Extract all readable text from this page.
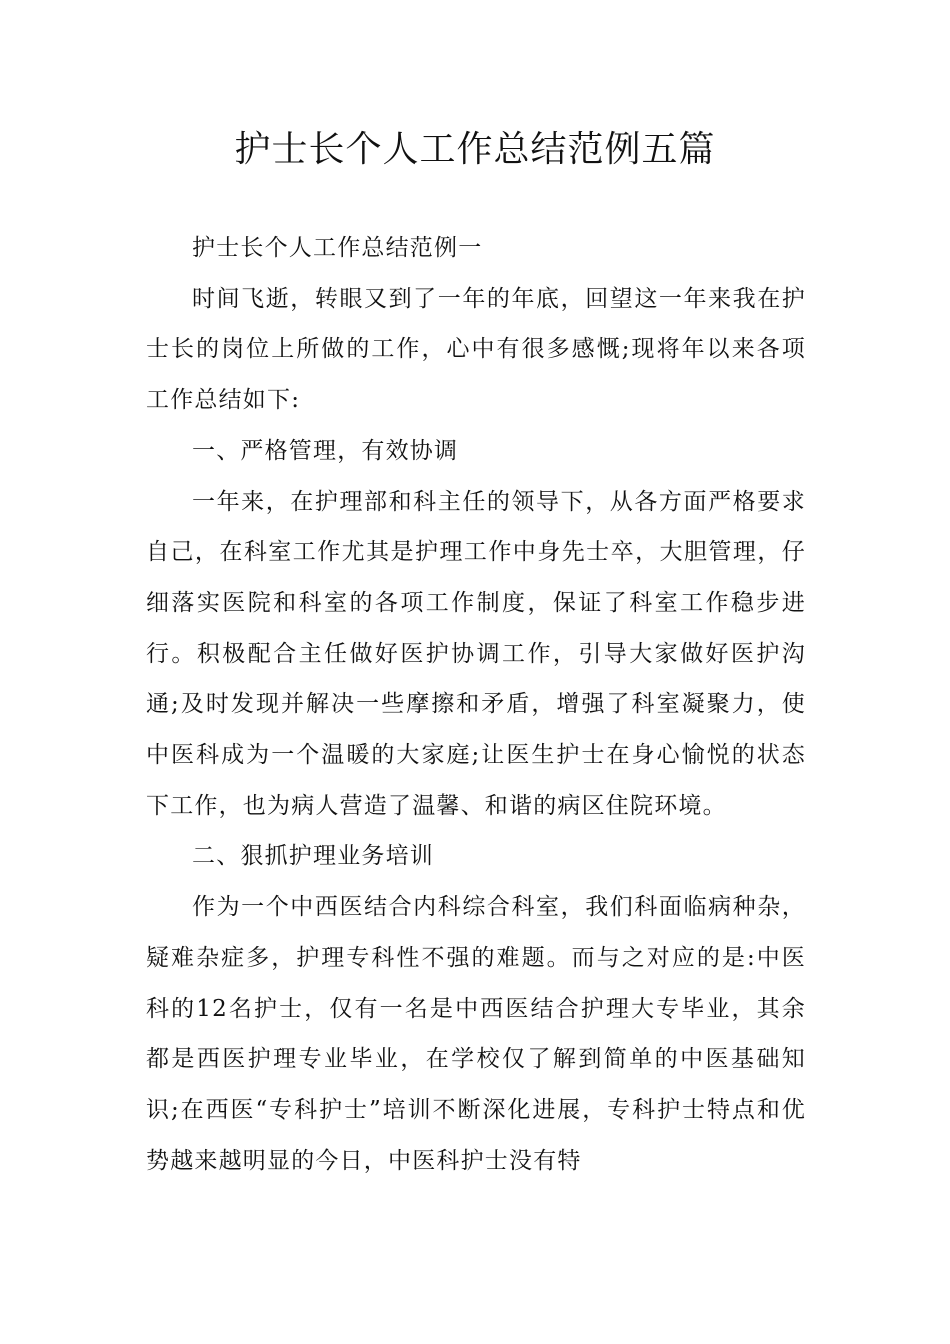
护士长个人工作总结范例五篇

护士长个人工作总结范例一

时间飞逝，转眼又到了一年的年底，回望这一年来我在护士长的岗位上所做的工作，心中有很多感慨;现将年以来各项工作总结如下:

一、严格管理，有效协调

一年来，在护理部和科主任的领导下，从各方面严格要求自己，在科室工作尤其是护理工作中身先士卒，大胆管理，仔细落实医院和科室的各项工作制度，保证了科室工作稳步进行。积极配合主任做好医护协调工作，引导大家做好医护沟通;及时发现并解决一些摩擦和矛盾，增强了科室凝聚力，使中医科成为一个温暖的大家庭;让医生护士在身心愉悦的状态下工作，也为病人营造了温馨、和谐的病区住院环境。

二、狠抓护理业务培训

作为一个中西医结合内科综合科室，我们科面临病种杂，疑难杂症多，护理专科性不强的难题。而与之对应的是:中医科的12名护士，仅有一名是中西医结合护理大专毕业，其余都是西医护理专业毕业，在学校仅了解到简单的中医基础知识;在西医“专科护士”培训不断深化进展，专科护士特点和优势越来越明显的今日，中医科护士没有特
